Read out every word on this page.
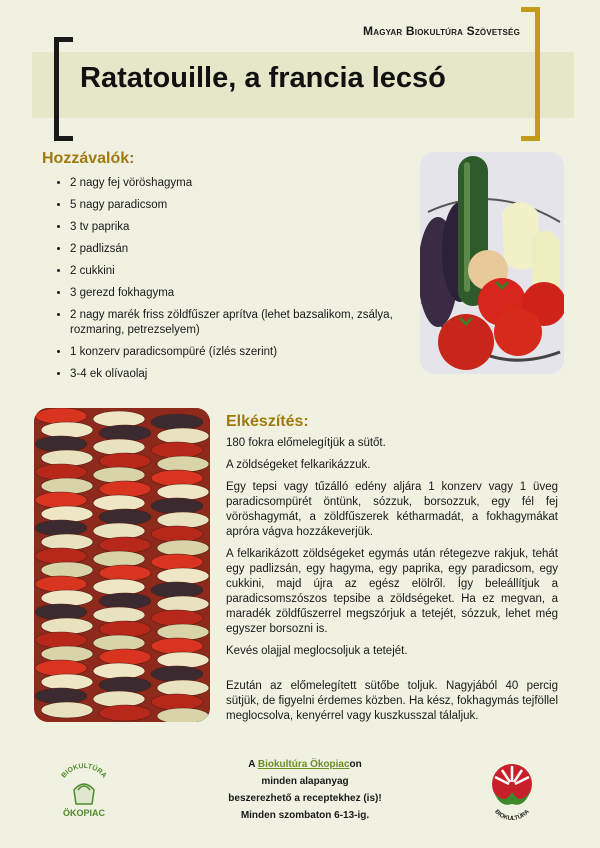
Magyar Biokultúra Szövetség
Ratatouille, a francia lecsó
Hozzávalók:
• 2 nagy fej vöröshagyma
• 5 nagy paradicsom
• 3 tv paprika
• 2 padlizsán
• 2 cukkini
• 3 gerezd fokhagyma
• 2 nagy marék friss zöldfűszer aprítva (lehet bazsalikom, zsálya, rozmaring, petrezselyem)
• 1 konzerv paradicsompüré (ízlés szerint)
• 3-4 ek olívaolaj
Elkészítés:

180 fokra előmelegítjük a sütőt.

A zöldségeket felkarikázzuk.

Egy tepsi vagy tűzálló edény aljára 1 konzerv vagy 1 üveg paradicsompürét öntünk, sózzuk, borsozzuk, egy fél fej vöröshagymát, a zöldfűszerek kétharmadát, a fokhagymákat apróra vágva hozzákeverjük.

A felkarikázott zöldségeket egymás után rétegezve rakjuk, tehát egy padlizsán, egy hagyma, egy paprika, egy paradicsom, egy cukkini, majd újra az egész elölről. Így beleállítjuk a paradicsomszószos tepsibe a zöldségeket. Ha ez megvan, a maradék zöldfűszerrel megszórjuk a tetejét, sózzuk, lehet még egyszer borsozni is.

Kevés olajjal meglocsoljuk a tetejét.

Ezután az előmelegített sütőbe toljuk. Nagyjából 40 percig sütjük, de figyelni érdemes közben. Ha kész, fokhagymás tejföllel meglocsolva, kenyérrel vagy kuszkusszal tálaljuk.

A Biokultúra Ökopiacon
minden alapanyag
beszerezhető a receptekhez (is)!
Minden szombaton 6-13-ig.
BIOKULTÚRA
ÖKOPIAC	BIOKULTÚRA
